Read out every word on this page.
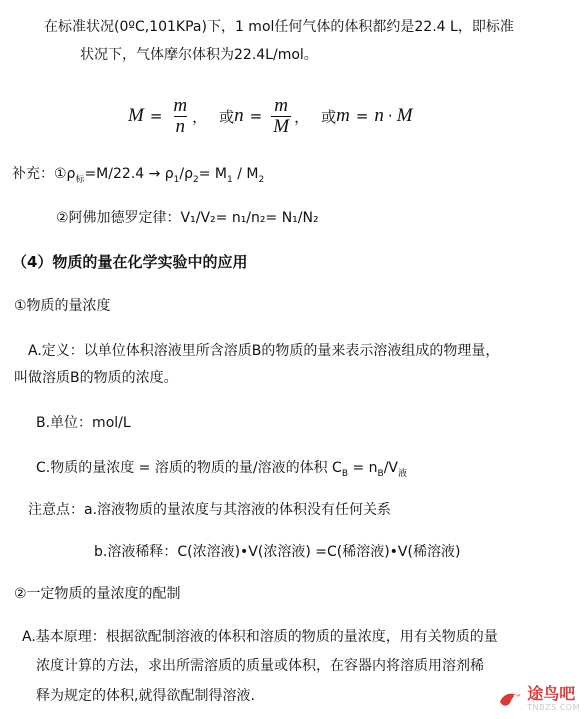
在标准状况(0ºC,101KPa)下，1 mol任何气体的体积都约是22.4 L，即标准
状况下，气体摩尔体积为22.4L/mol。
$M = \frac{m}{n}$ ， 或 $n = \frac{m}{M}$ ， 或 m = n · M
补充：$①\rho_标=M/22.4 \to \rho_1/\rho_2= M_1 / M_2$
②阿佛加德罗定律：V₁/V₂= n₁/n₂= N₁/N₂
（4）物质的量在化学实验中的应用
①物质的量浓度
A.定义：以单位体积溶液里所含溶质B的物质的量来表示溶液组成的物理量，
叫做溶质B的物质的浓度。
B.单位：mol/L
C.物质的量浓度 = 溶质的物质的量/溶液的体积 $C_B = n_B/V_液$
注意点：a.溶液物质的量浓度与其溶液的体积没有任何关系
b.溶液稀释：C(浓溶液)•V(浓溶液) =C(稀溶液)•V(稀溶液)
②一定物质的量浓度的配制
A.基本原理：根据欲配制溶液的体积和溶质的物质的量浓度，用有关物质的量
浓度计算的方法，求出所需溶质的质量或体积，在容器内将溶质用溶剂稀
释为规定的体积,就得欲配制得溶液.	途鸟吧
TNBZS.COM
